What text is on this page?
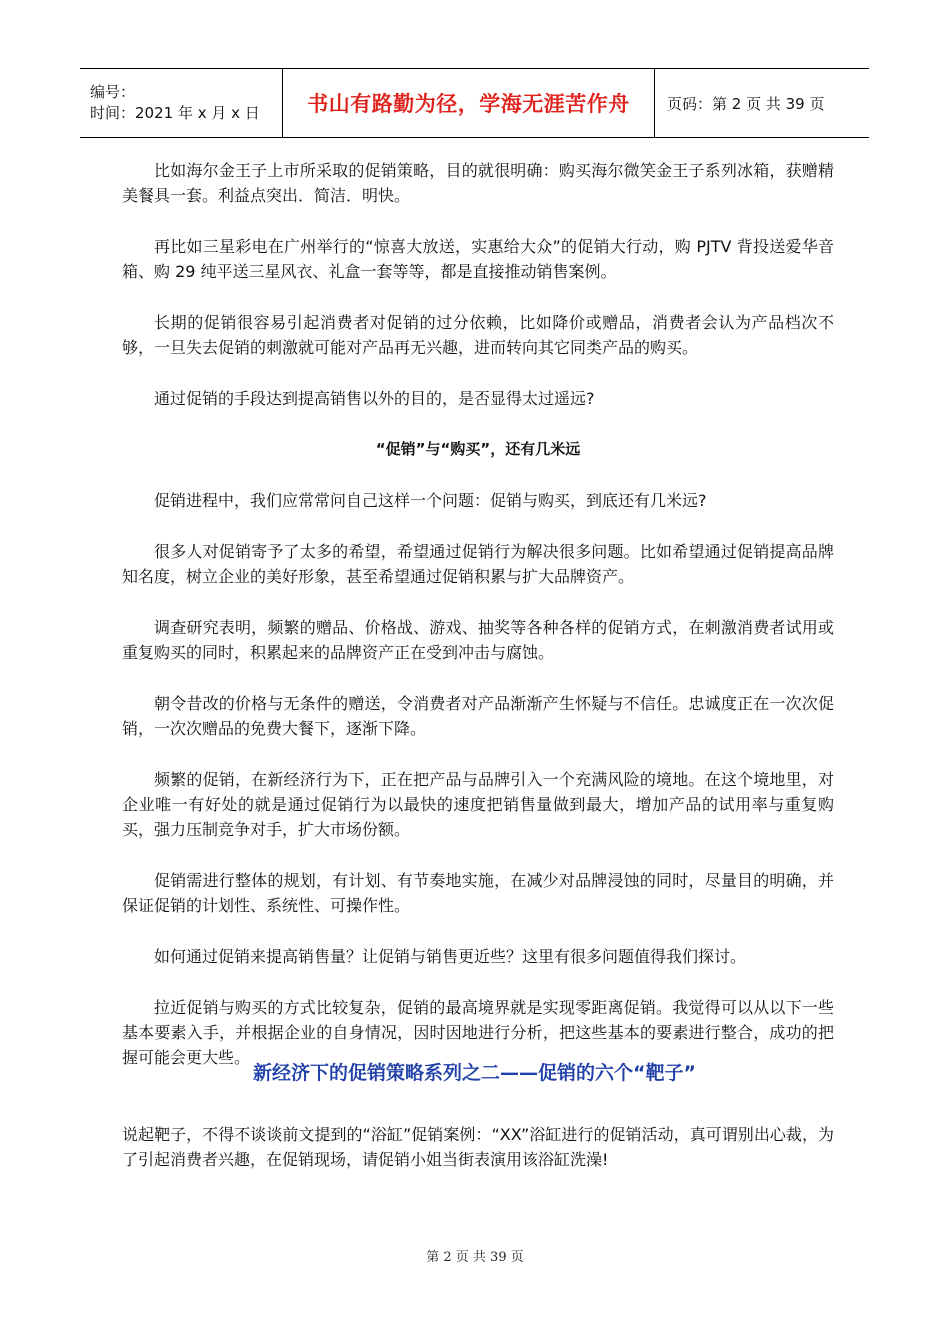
编号：
时间：2021 年 x 月 x 日	书山有路勤为径，学海无涯苦作舟	页码：第 2 页 共 39 页

比如海尔金王子上市所采取的促销策略，目的就很明确：购买海尔微笑金王子系列冰箱，获赠精美餐具一套。利益点突出．简洁．明快。

再比如三星彩电在广州举行的“惊喜大放送，实惠给大众”的促销大行动，购 PJTV 背投送爱华音箱、购 29 纯平送三星风衣、礼盒一套等等，都是直接推动销售案例。

长期的促销很容易引起消费者对促销的过分依赖，比如降价或赠品，消费者会认为产品档次不够，一旦失去促销的刺激就可能对产品再无兴趣，进而转向其它同类产品的购买。

通过促销的手段达到提高销售以外的目的，是否显得太过遥远?

“促销”与“购买”，还有几米远

促销进程中，我们应常常问自己这样一个问题：促销与购买，到底还有几米远?

很多人对促销寄予了太多的希望，希望通过促销行为解决很多问题。比如希望通过促销提高品牌知名度，树立企业的美好形象，甚至希望通过促销积累与扩大品牌资产。

调查研究表明，频繁的赠品、价格战、游戏、抽奖等各种各样的促销方式，在刺激消费者试用或重复购买的同时，积累起来的品牌资产正在受到冲击与腐蚀。

朝令昔改的价格与无条件的赠送，令消费者对产品渐渐产生怀疑与不信任。忠诚度正在一次次促销，一次次赠品的免费大餐下，逐渐下降。

频繁的促销，在新经济行为下，正在把产品与品牌引入一个充满风险的境地。在这个境地里，对企业唯一有好处的就是通过促销行为以最快的速度把销售量做到最大，增加产品的试用率与重复购买，强力压制竞争对手，扩大市场份额。

促销需进行整体的规划，有计划、有节奏地实施，在减少对品牌浸蚀的同时，尽量目的明确，并保证促销的计划性、系统性、可操作性。

如何通过促销来提高销售量？让促销与销售更近些？这里有很多问题值得我们探讨。

拉近促销与购买的方式比较复杂，促销的最高境界就是实现零距离促销。我觉得可以从以下一些基本要素入手，并根据企业的自身情况，因时因地进行分析，把这些基本的要素进行整合，成功的把握可能会更大些。

新经济下的促销策略系列之二——促销的六个“靶子”

说起靶子，不得不谈谈前文提到的“浴缸”促销案例：“XX”浴缸进行的促销活动，真可谓别出心裁，为了引起消费者兴趣，在促销现场，请促销小姐当街表演用该浴缸洗澡!

第 2 页 共 39 页
